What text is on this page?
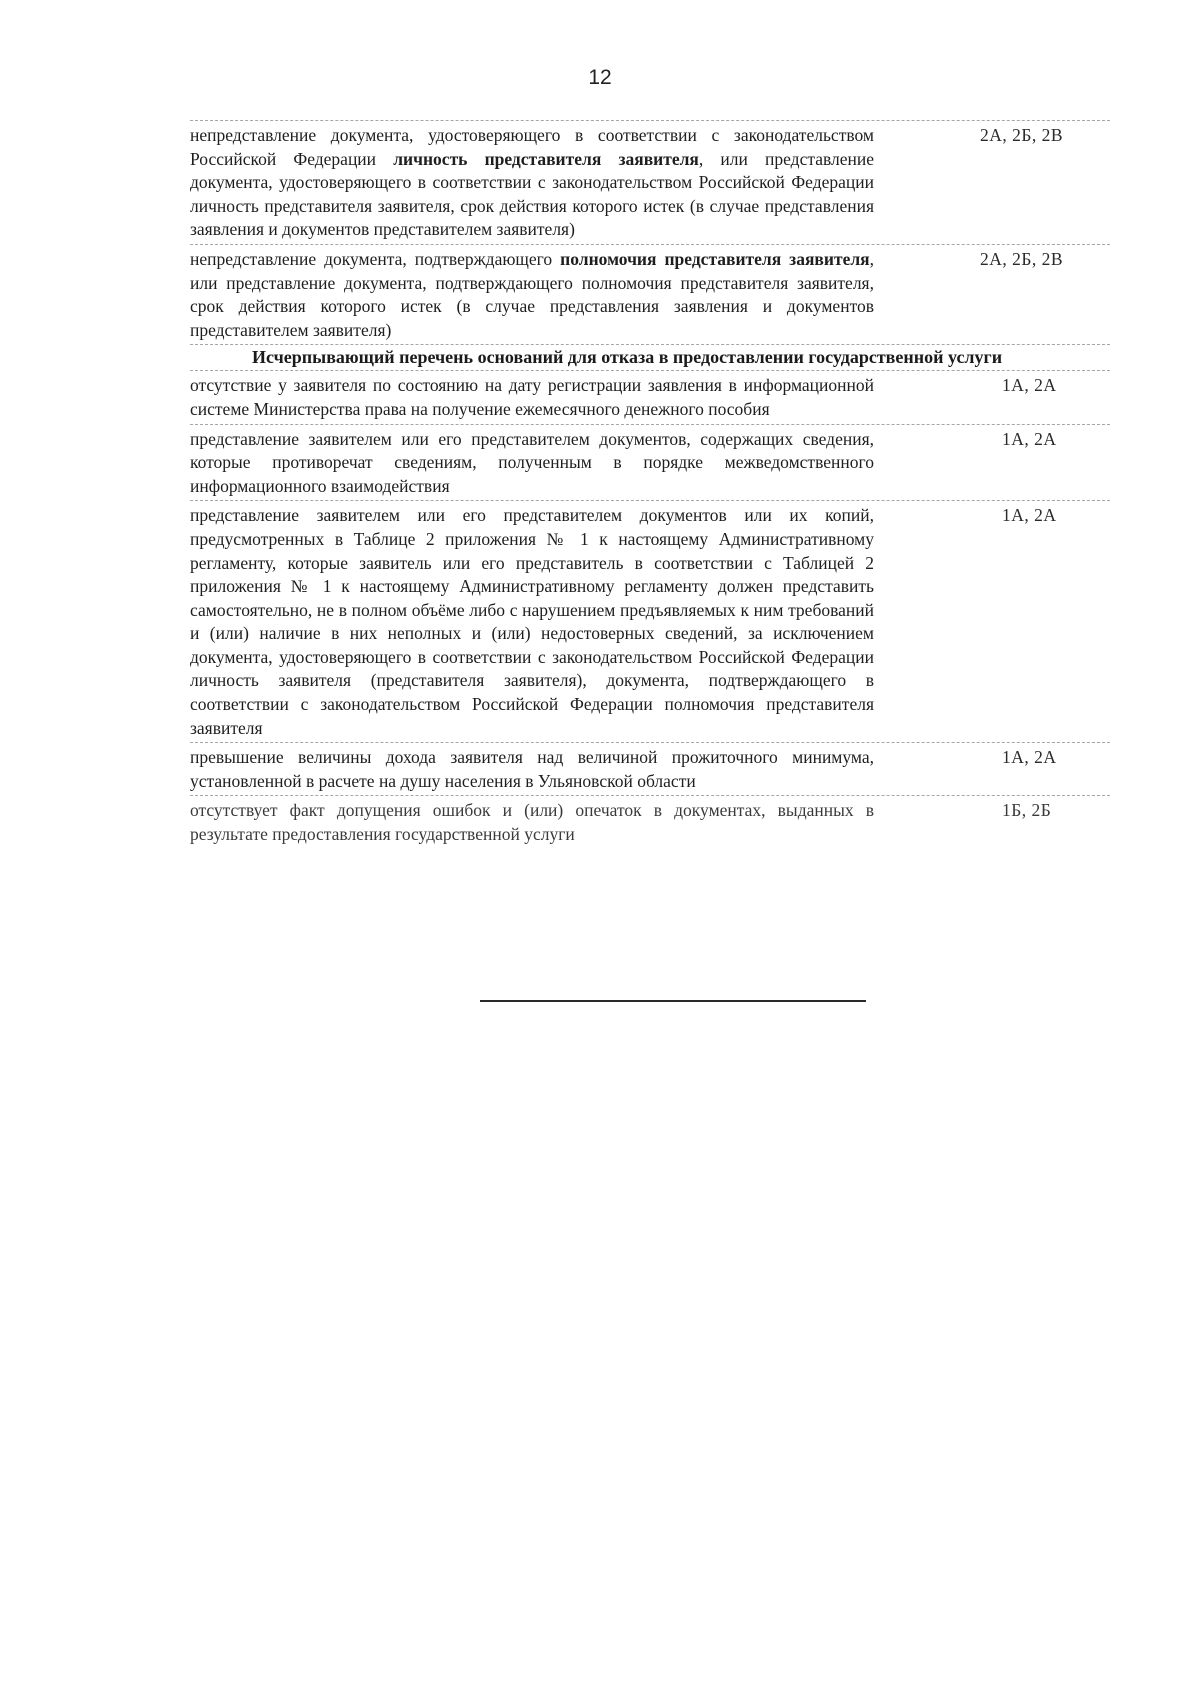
12
непредставление документа, удостоверяющего в соответствии с законодательством Российской Федерации личность представителя заявителя, или представление документа, удостоверяющего в соответствии с законодательством Российской Федерации личность представителя заявителя, срок действия которого истек (в случае представления заявления и документов представителем заявителя)
2А, 2Б, 2В
непредставление документа, подтверждающего полномочия представителя заявителя, или представление документа, подтверждающего полномочия представителя заявителя, срок действия которого истек (в случае представления заявления и документов представителем заявителя)
2А, 2Б, 2В
Исчерпывающий перечень оснований для отказа в предоставлении государственной услуги
отсутствие у заявителя по состоянию на дату регистрации заявления в информационной системе Министерства права на получение ежемесячного денежного пособия
1А, 2А
представление заявителем или его представителем документов, содержащих сведения, которые противоречат сведениям, полученным в порядке межведомственного информационного взаимодействия
1А, 2А
представление заявителем или его представителем документов или их копий, предусмотренных в Таблице 2 приложения № 1 к настоящему Административному регламенту, которые заявитель или его представитель в соответствии с Таблицей 2 приложения № 1 к настоящему Административному регламенту должен представить самостоятельно, не в полном объёме либо с нарушением предъявляемых к ним требований и (или) наличие в них неполных и (или) недостоверных сведений, за исключением документа, удостоверяющего в соответствии с законодательством Российской Федерации личность заявителя (представителя заявителя), документа, подтверждающего в соответствии с законодательством Российской Федерации полномочия представителя заявителя
1А, 2А
превышение величины дохода заявителя над величиной прожиточного минимума, установленной в расчете на душу населения в Ульяновской области
1А, 2А
отсутствует факт допущения ошибок и (или) опечаток в документах, выданных в результате предоставления государственной услуги
1Б, 2Б
